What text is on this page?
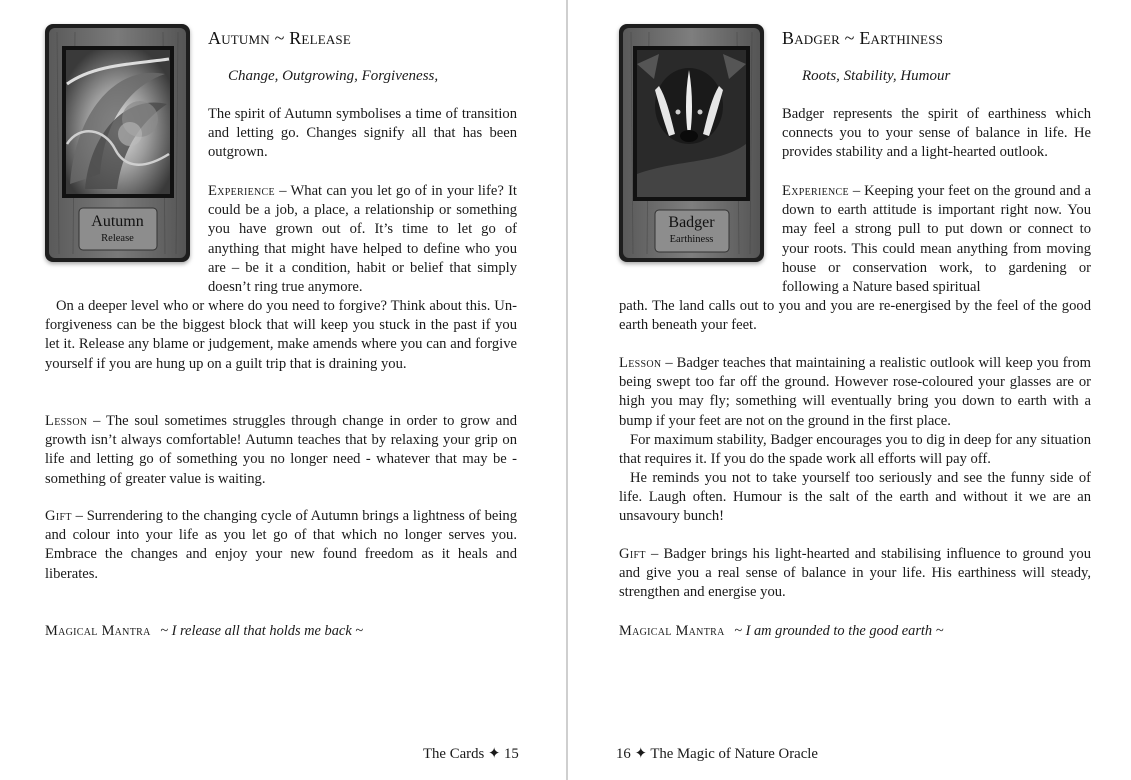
Autumn
Release
Autumn ~ Release
Change, Outgrowing, Forgiveness,

The spirit of Autumn symbolises a time of transition and letting go. Changes signify all that has been outgrown.

Experience – What can you let go of in your life? It could be a job, a place, a relationship or something you have grown out of. It’s time to let go of anything that might have helped to define who you are – be it a condition, habit or belief that simply doesn’t ring true anymore.

On a deeper level who or where do you need to forgive? Think about this. Un-forgiveness can be the biggest block that will keep you stuck in the past if you let it. Release any blame or judgement, make amends where you can and forgive yourself if you are hung up on a guilt trip that is draining you.

Lesson – The soul sometimes struggles through change in order to grow and growth isn’t always comfortable! Autumn teaches that by relaxing your grip on life and letting go of something you no longer need - whatever that may be - something of greater value is waiting.

Gift – Surrendering to the changing cycle of Autumn brings a lightness of being and colour into your life as you let go of that which no longer serves you. Embrace the changes and enjoy your new found freedom as it heals and liberates.

Magical Mantra ~ I release all that holds me back ~
The Cards ✦ 15
Badger
Earthiness
Badger ~ Earthiness
Roots, Stability, Humour

Badger represents the spirit of earthiness which connects you to your sense of balance in life. He provides stability and a light-hearted outlook.

Experience – Keeping your feet on the ground and a down to earth attitude is important right now. You may feel a strong pull to put down or connect to your roots. This could mean anything from moving house or conservation work, to gardening or following a Nature based spiritual

path. The land calls out to you and you are re-energised by the feel of the good earth beneath your feet.

Lesson – Badger teaches that maintaining a realistic outlook will keep you from being swept too far off the ground. However rose-coloured your glasses are or high you may fly; something will eventually bring you down to earth with a bump if your feet are not on the ground in the first place.

For maximum stability, Badger encourages you to dig in deep for any situation that requires it. If you do the spade work all efforts will pay off.

He reminds you not to take yourself too seriously and see the funny side of life. Laugh often. Humour is the salt of the earth and without it we are an unsavoury bunch!

Gift – Badger brings his light-hearted and stabilising influence to ground you and give you a real sense of balance in your life. His earthiness will steady, strengthen and energise you.

Magical Mantra ~ I am grounded to the good earth ~
16 ✦ The Magic of Nature Oracle
